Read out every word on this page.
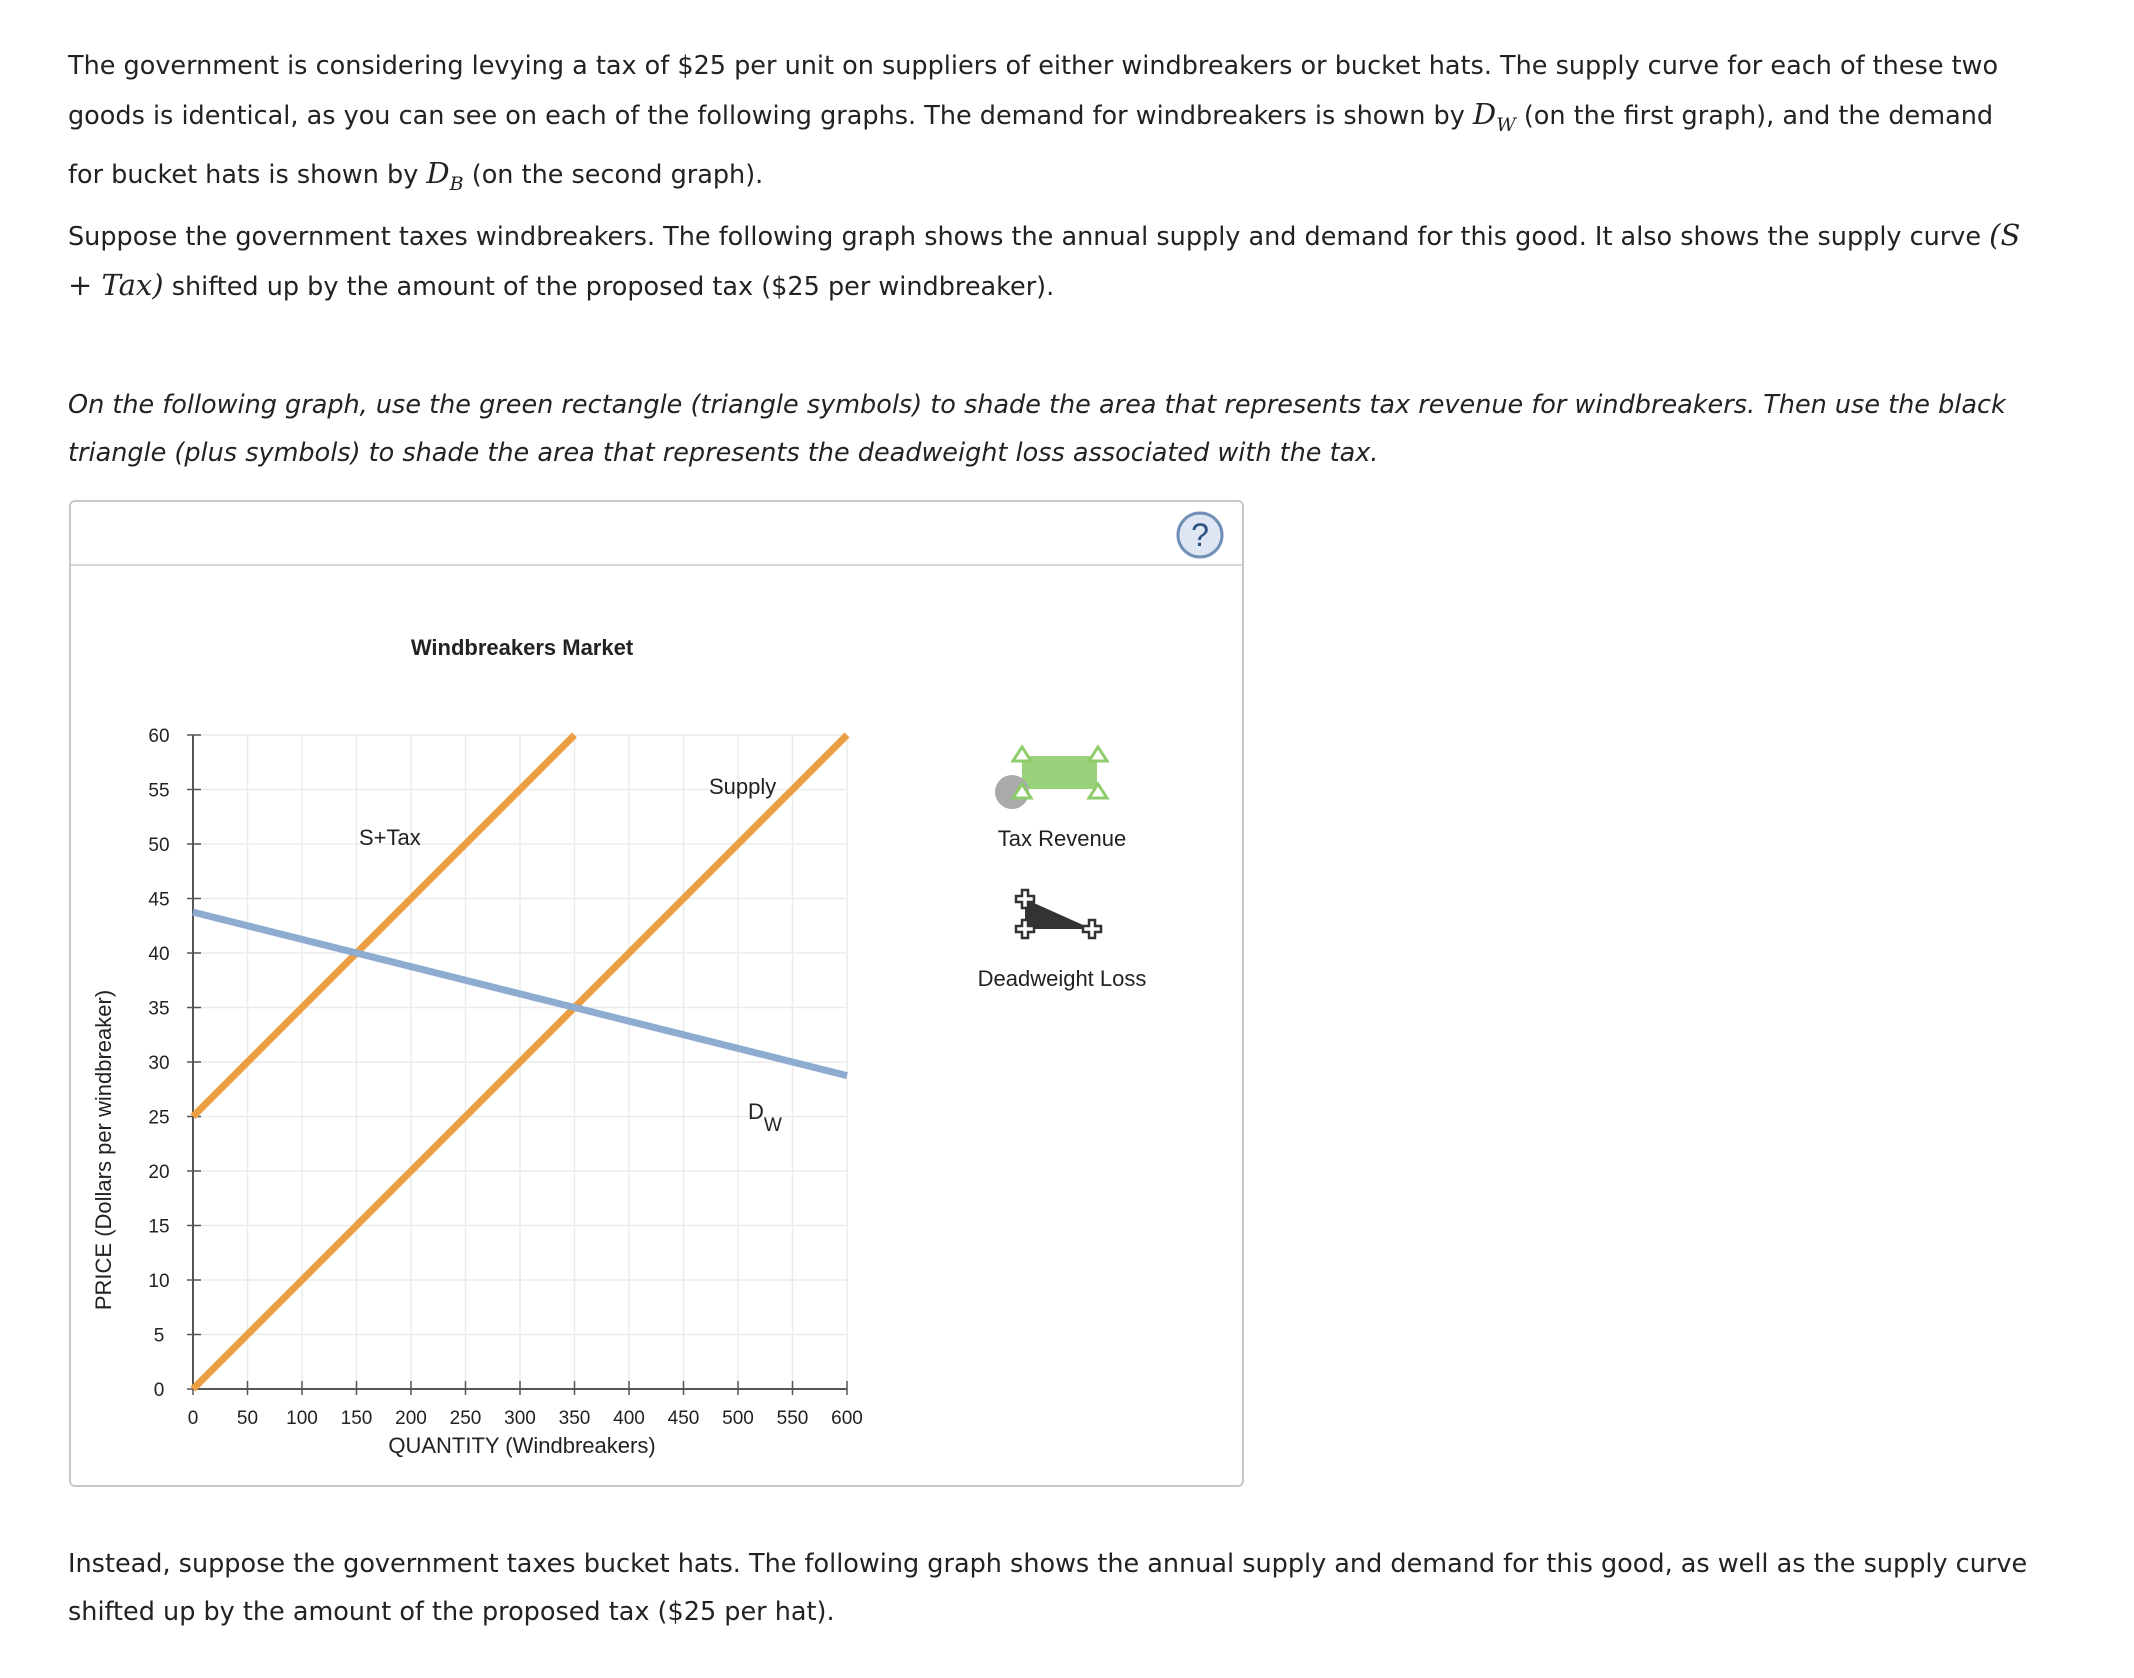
The government is considering levying a tax of $25 per unit on suppliers of either windbreakers or bucket hats. The supply curve for each of these two goods is identical, as you can see on each of the following graphs. The demand for windbreakers is shown by $D_W$ (on the first graph), and the demand for bucket hats is shown by $D_B$ (on the second graph).

Suppose the government taxes windbreakers. The following graph shows the annual supply and demand for this good. It also shows the supply curve (S + Tax) shifted up by the amount of the proposed tax ($25 per windbreaker).

On the following graph, use the green rectangle (triangle symbols) to shade the area that represents tax revenue for windbreakers. Then use the black triangle (plus symbols) to shade the area that represents the deadweight loss associated with the tax.

?
0
5
10
15
20
25
30
35
40
45
50
55
60
0 50 100 150 200 250 300 350 400 450 500 550 600
Windbreakers Market
QUANTITY (Windbreakers)
PRICE (Dollars per windbreaker)
Supply
S+Tax
DW
Tax Revenue
Deadweight Loss

Instead, suppose the government taxes bucket hats. The following graph shows the annual supply and demand for this good, as well as the supply curve shifted up by the amount of the proposed tax ($25 per hat).
